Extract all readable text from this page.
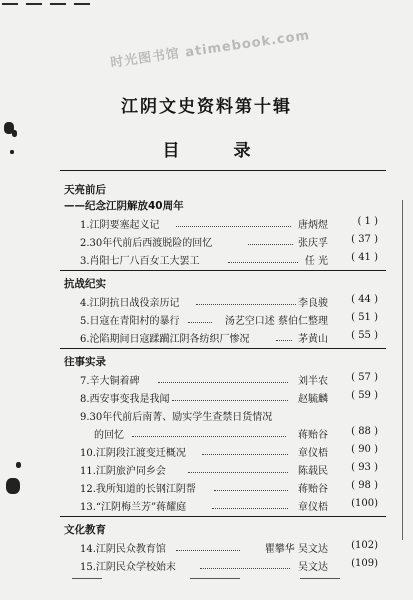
时光图书馆 atimebook.com
江阴文史资料第十辑
目 录
天亮前后
——纪念江阴解放40周年
1.江阴要塞起义记	唐炳煜	( 1 )
2.30年代前后西渡脱险的回忆	张庆孚	( 37 )
3.肖阳七厂八百女工大罢工	任 光	( 41 )
抗战纪实
4.江阴抗日战役亲历记	李良骏	( 44 )
5.日寇在青阳村的暴行	汤艺空口述 蔡伯仁整理	( 51 )
6.沦陷期间日寇蹂躏江阴各纺织厂惨况	茅黄山	( 55 )
往事实录
7.辛大铜着碑	刘半农	( 57 )
8.西安事变我是我闻	赵毓麟	( 59 )
9.30年代前后南菁、励实学生查禁日货情况
的回忆	蒋贻谷	( 88 )
10.江阴段江渡变迁概况	章仪梧	( 90 )
11.江阴旅沪同乡会	陈载民	( 93 )
12.我所知道的长钢江阴帮	蒋贻谷	( 98 )
13.“江阴梅兰芳”蒋耀庭	章仪梧	(100)
文化教育
14.江阴民众教育馆	瞿攀华 吴文达	(102)
15.江阴民众学校始末	吴文达	(109)
